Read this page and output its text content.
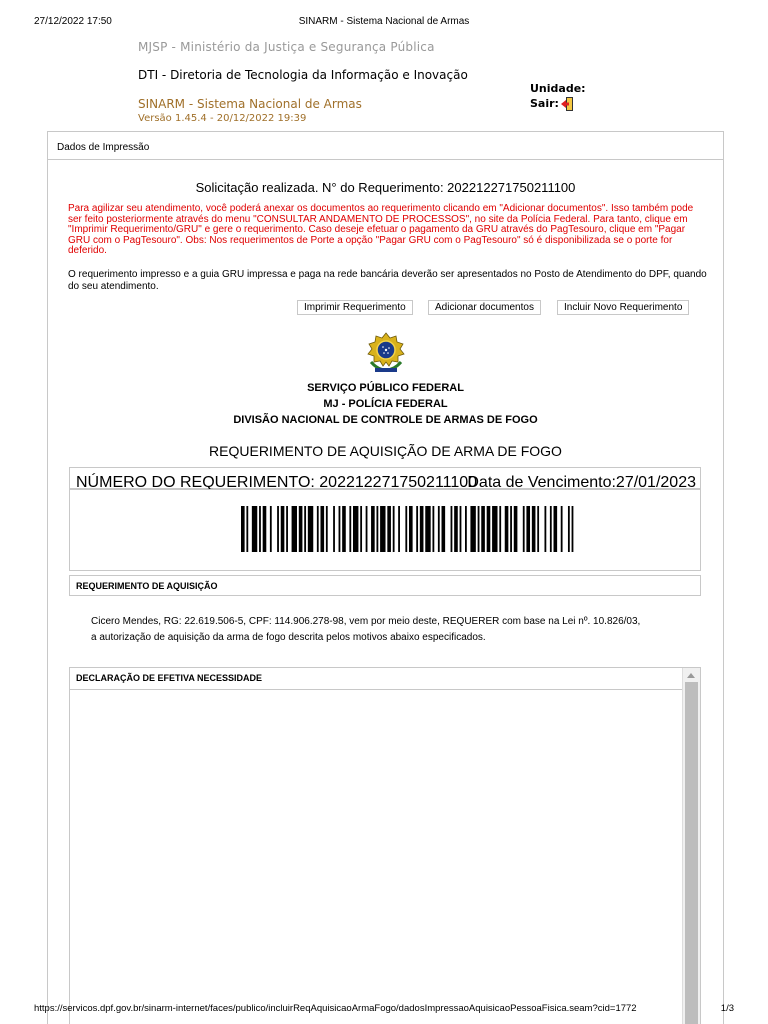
27/12/2022 17:50	SINARM - Sistema Nacional de Armas
MJSP - Ministério da Justiça e Segurança Pública
DTI - Diretoria de Tecnologia da Informação e Inovação
SINARM - Sistema Nacional de Armas
Versão 1.45.4 - 20/12/2022 19:39
Unidade:
Sair:
Dados de Impressão
Solicitação realizada. N° do Requerimento: 20221227175021​1100
Para agilizar seu atendimento, você poderá anexar os documentos ao requerimento clicando em "Adicionar documentos". Isso também pode ser feito posteriormente através do menu "CONSULTAR ANDAMENTO DE PROCESSOS", no site da Polícia Federal. Para tanto, clique em "Imprimir Requerimento/GRU" e gere o requerimento. Caso deseje efetuar o pagamento da GRU através do PagTesouro, clique em "Pagar GRU com o PagTesouro". Obs: Nos requerimentos de Porte a opção "Pagar GRU com o PagTesouro" só é disponibilizada se o porte for deferido.
O requerimento impresso e a guia GRU impressa e paga na rede bancária deverão ser apresentados no Posto de Atendimento do DPF, quando do seu atendimento.
Imprimir Requerimento	Adicionar documentos	Incluir Novo Requerimento
SERVIÇO PÚBLICO FEDERAL
MJ - POLÍCIA FEDERAL
DIVISÃO NACIONAL DE CONTROLE DE ARMAS DE FOGO
REQUERIMENTO DE AQUISIÇÃO DE ARMA DE FOGO
NÚMERO DO REQUERIMENTO: 202212271750211100
Data de Vencimento:27/01/2023
REQUERIMENTO DE AQUISIÇÃO
Cicero Mendes, RG: 22.619.506-5, CPF: 114.906.278-98, vem por meio deste, REQUERER com base na Lei nº. 10.826/03,
a autorização de aquisição da arma de fogo descrita pelos motivos abaixo especificados.
DECLARAÇÃO DE EFETIVA NECESSIDADE
https://servicos.dpf.gov.br/sinarm-internet/faces/publico/incluirReqAquisicaoArmaFogo/dadosImpressaoAquisicaoPessoaFisica.seam?cid=1772	1/3
